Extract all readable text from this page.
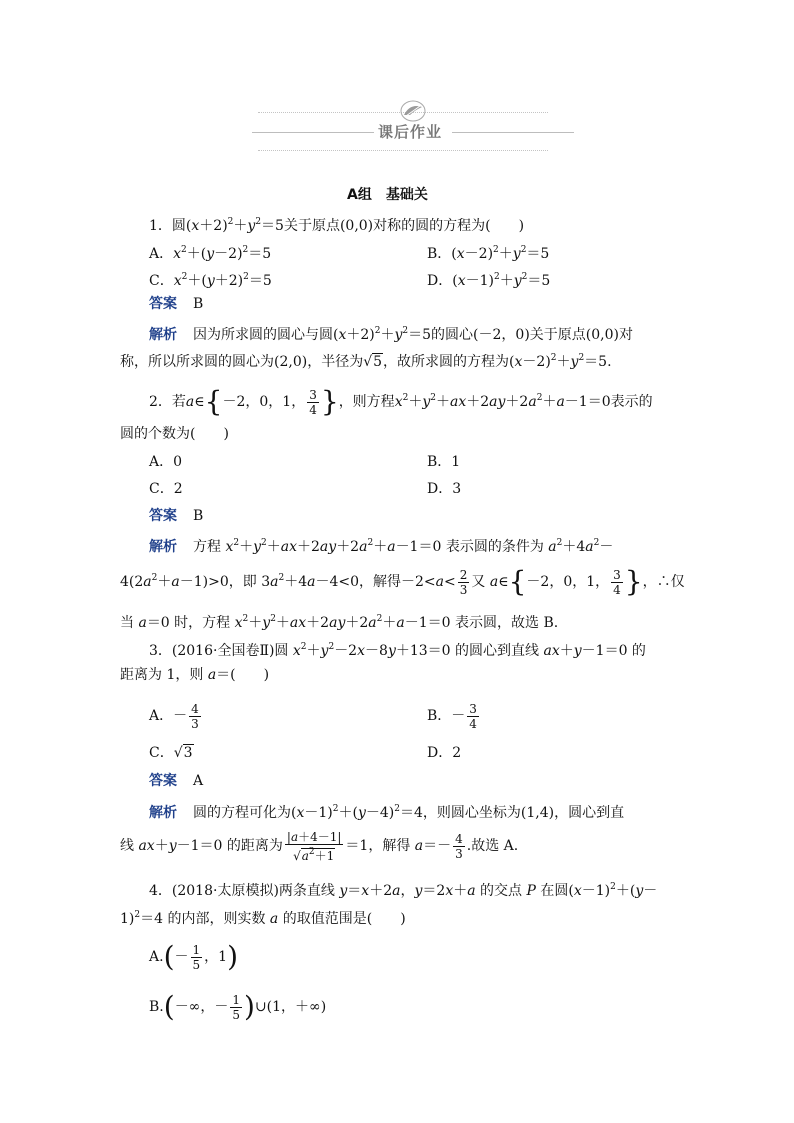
课后作业
A组　基础关
1．圆$(x+2)^2+y^2=5$关于原点(0,0)对称的圆的方程为(　　)
A．$x^2+(y-2)^2=5$	B．$(x-2)^2+y^2=5$
C．$x^2+(y+2)^2=5$	D．$(x-1)^2+y^2=5$
答案 B
解析 因为所求圆的圆心与圆$(x+2)^2+y^2=5$的圆心(－2，0)关于原点(0,0)对
称，所以所求圆的圆心为(2,0)，半径为√5，故所求圆的方程为$(x-2)^2+y^2=5$.
2．若a∈{－2，0，1， $\frac{3}{4}$ }，则方程$x^2+y^2+ax+2ay+2a^2+a-1=0$表示的
圆的个数为(　　)
A．0	B．1
C．2	D．3
答案 B
解析 方程 $x^2+y^2+ax+2ay+2a^2+a-1=0$ 表示圆的条件为 $a^2+4a^2-$
$4(2a^2+a-1)>0$，即 $3a^2+4a-4<0$，解得$-2<a< \frac{2}{3}$ 又 a∈{－2，0，1， $\frac{3}{4}$ }，∴仅
当 a＝0 时，方程 $x^2+y^2+ax+2ay+2a^2+a-1=0$ 表示圆，故选 B.
3．(2016·全国卷Ⅱ)圆 $x^2+y^2-2x-8y+13=0$ 的圆心到直线 ax＋y－1＝0 的
距离为 1，则 a＝(　　)
A．－ $\frac{4}{3}$	B．－ $\frac{3}{4}$
C．√3	D．2
答案 A
解析 圆的方程可化为$(x-1)^2+(y-4)^2=4$，则圆心坐标为(1,4)，圆心到直
线 ax＋y－1＝0 的距离为 $\frac{|a+4-1|}{√a^2+1} =1$，解得 $a=- \frac{4}{3}$ .故选 A.
4．(2018·太原模拟)两条直线 y＝x＋2a，y＝2x＋a 的交点 P 在圆$(x-1)^2+(y-$
1)$^2$＝4 的内部，则实数 a 的取值范围是(　　)
$A.(- \frac{1}{5}$ ，1)
B.(－∞，－ $\frac{1}{5}$ )∪(1，＋∞)
